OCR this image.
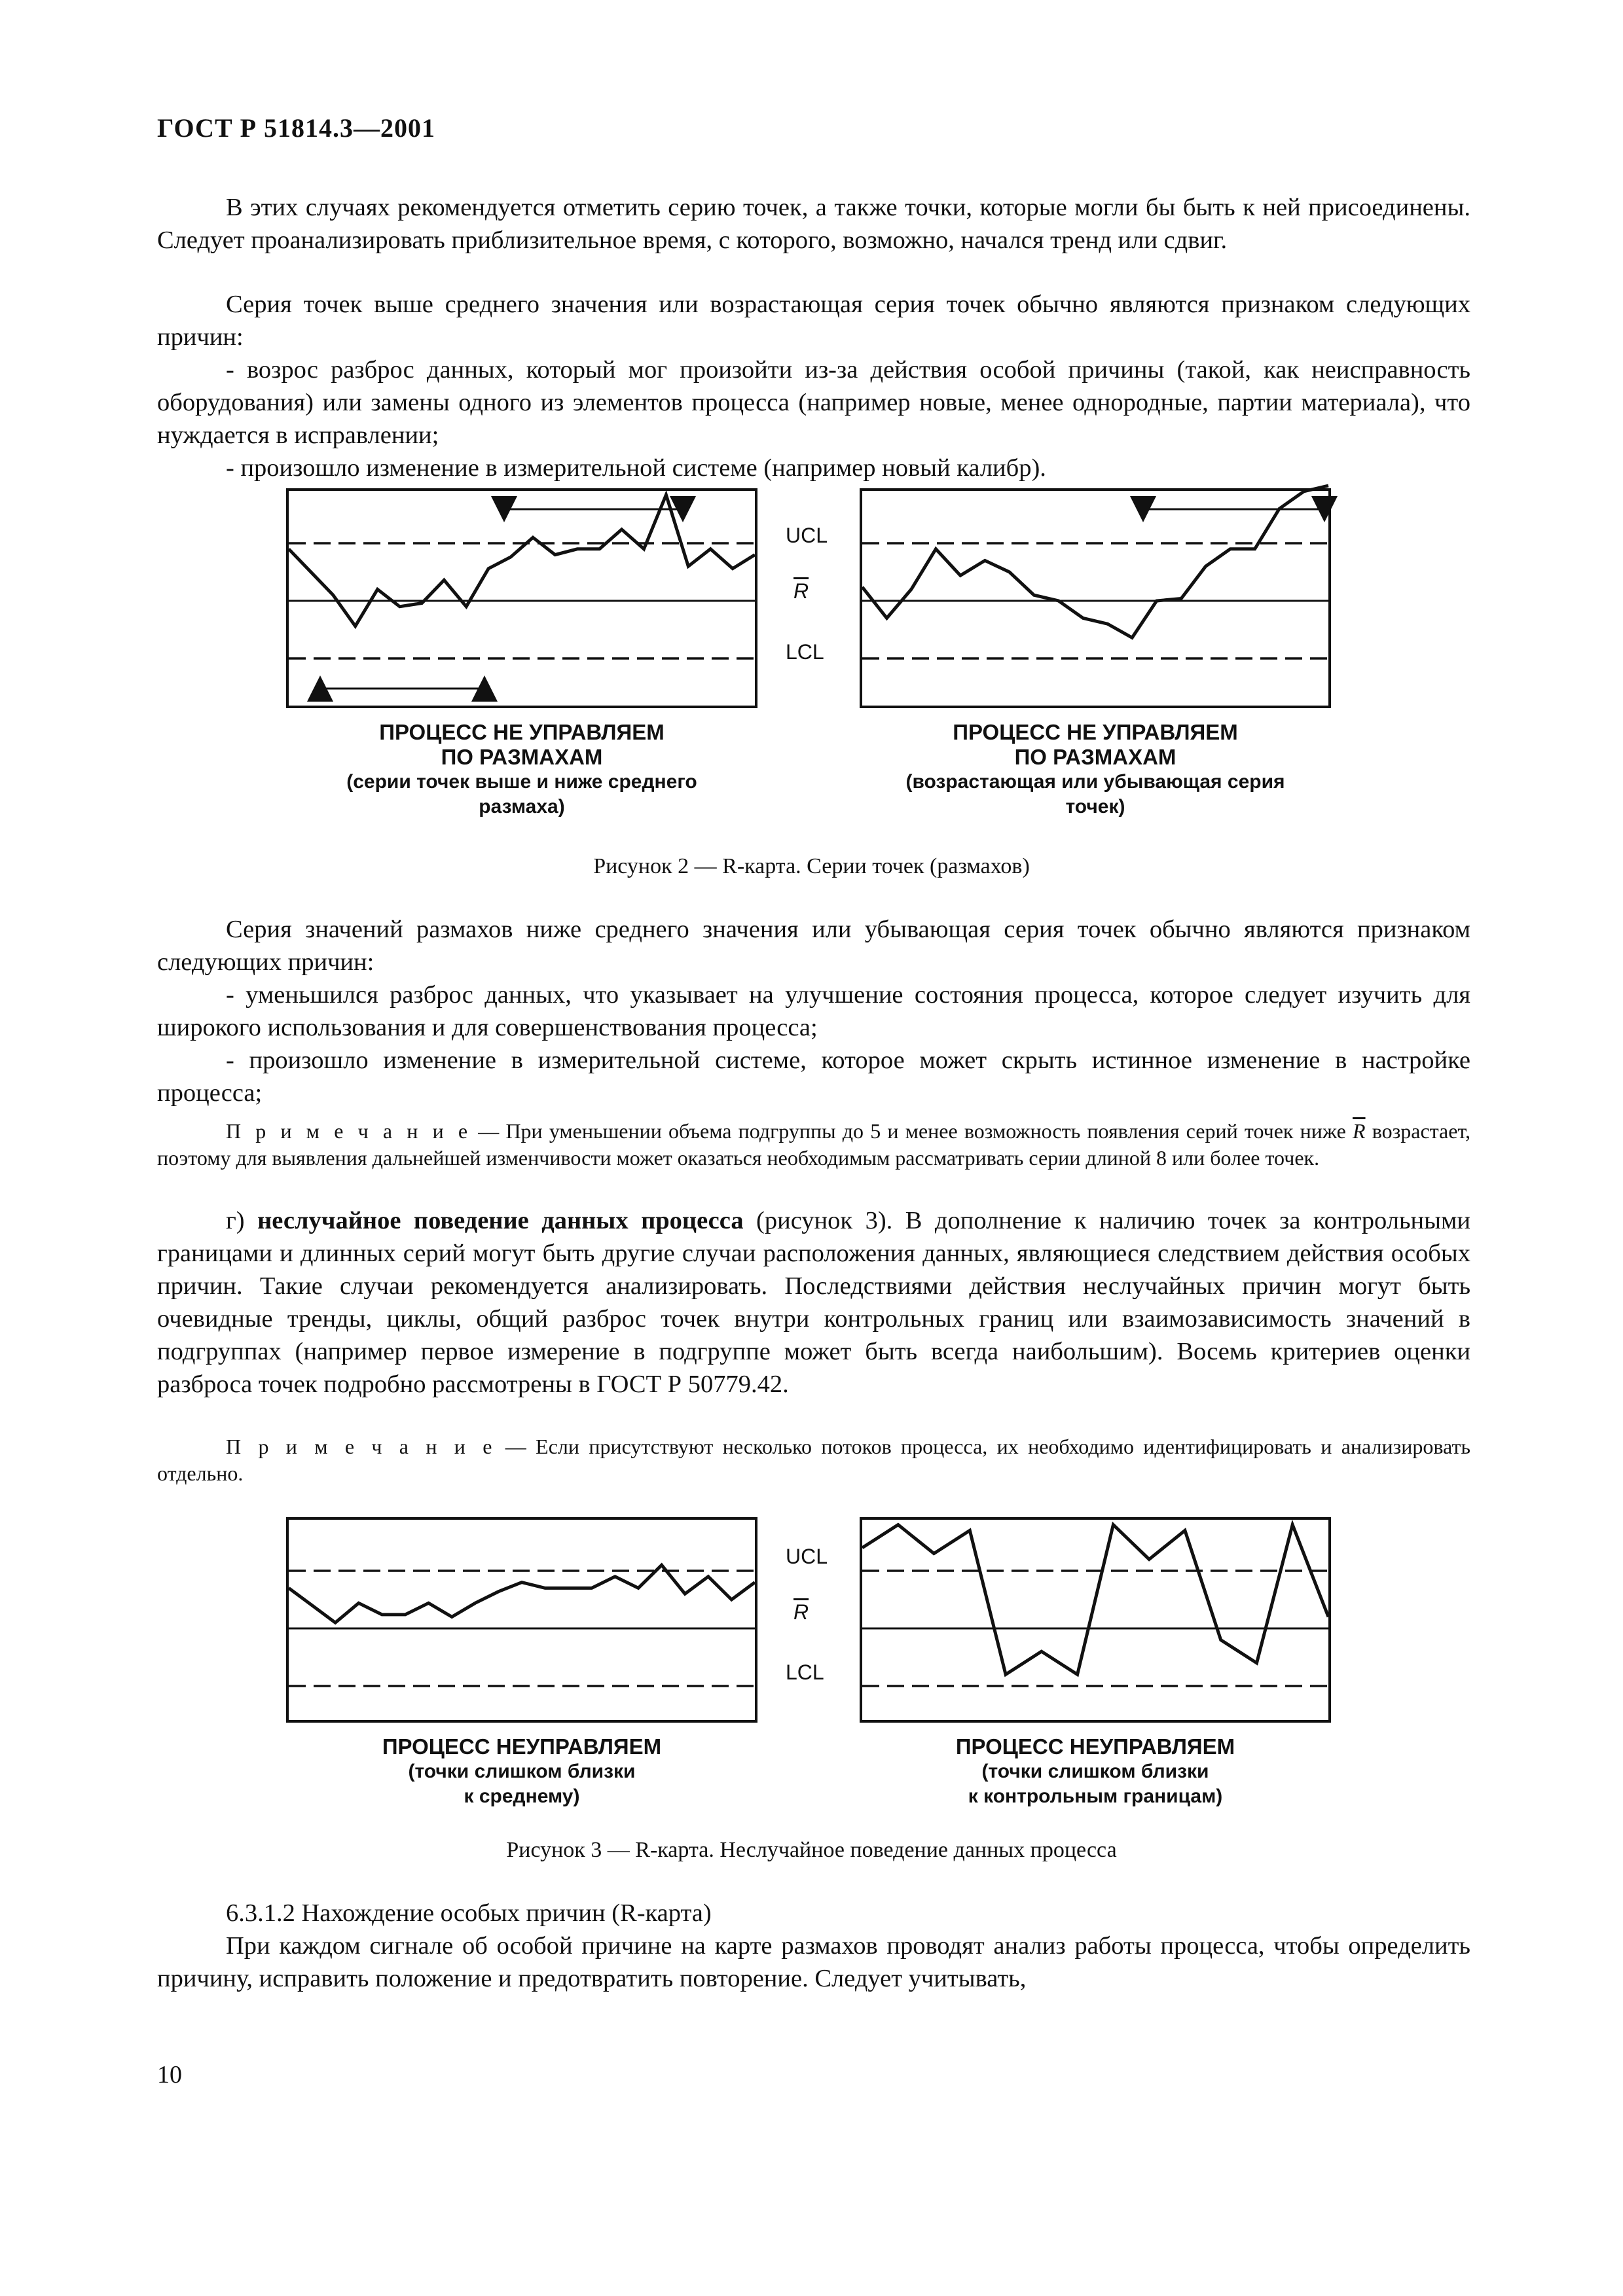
ГОСТ Р 51814.3—2001

В этих случаях рекомендуется отметить серию точек, а также точки, которые могли бы быть к ней присоединены. Следует проанализировать приблизительное время, с которого, возможно, начался тренд или сдвиг.

Серия точек выше среднего значения или возрастающая серия точек обычно являются признаком следующих причин:

- возрос разброс данных, который мог произойти из-за действия особой причины (такой, как неисправность оборудования) или замены одного из элементов процесса (например новые, менее однородные, партии материала), что нуждается в исправлении;

- произошло изменение в измерительной системе (например новый калибр).

UCL
$\overline{R}$
LCL
ПРОЦЕСС НЕ УПРАВЛЯЕМ
ПО РАЗМАХАМ
(серии точек выше и ниже среднего
размаха)
ПРОЦЕСС НЕ УПРАВЛЯЕМ
ПО РАЗМАХАМ
(возрастающая или убывающая серия
точек)
Рисунок 2 — R-карта. Серии точек (размахов)

Серия значений размахов ниже среднего значения или убывающая серия точек обычно являются признаком следующих причин:

- уменьшился разброс данных, что указывает на улучшение состояния процесса, которое следует изучить для широкого использования и для совершенствования процесса;

- произошло изменение в измерительной системе, которое может скрыть истинное изменение в настройке процесса;

П р и м е ч а н и е — При уменьшении объема подгруппы до 5 и менее возможность появления серий точек ниже $\overline{R}$ возрастает, поэтому для выявления дальнейшей изменчивости может оказаться необходимым рассматривать серии длиной 8 или более точек.

г) неслучайное поведение данных процесса (рисунок 3). В дополнение к наличию точек за контрольными границами и длинных серий могут быть другие случаи расположения данных, являющиеся следствием действия особых причин. Такие случаи рекомендуется анализировать. Последствиями действия неслучайных причин могут быть очевидные тренды, циклы, общий разброс точек внутри контрольных границ или взаимозависимость значений в подгруппах (например первое измерение в подгруппе может быть всегда наибольшим). Восемь критериев оценки разброса точек подробно рассмотрены в ГОСТ Р 50779.42.

П р и м е ч а н и е — Если присутствуют несколько потоков процесса, их необходимо идентифицировать и анализировать отдельно.

UCL
$\overline{R}$
LCL
ПРОЦЕСС НЕУПРАВЛЯЕМ
(точки слишком близки
к среднему)
ПРОЦЕСС НЕУПРАВЛЯЕМ
(точки слишком близки
к контрольным границам)
Рисунок 3 — R-карта. Неслучайное поведение данных процесса

6.3.1.2 Нахождение особых причин (R-карта)

При каждом сигнале об особой причине на карте размахов проводят анализ работы процесса, чтобы определить причину, исправить положение и предотвратить повторение. Следует учитывать,

10
